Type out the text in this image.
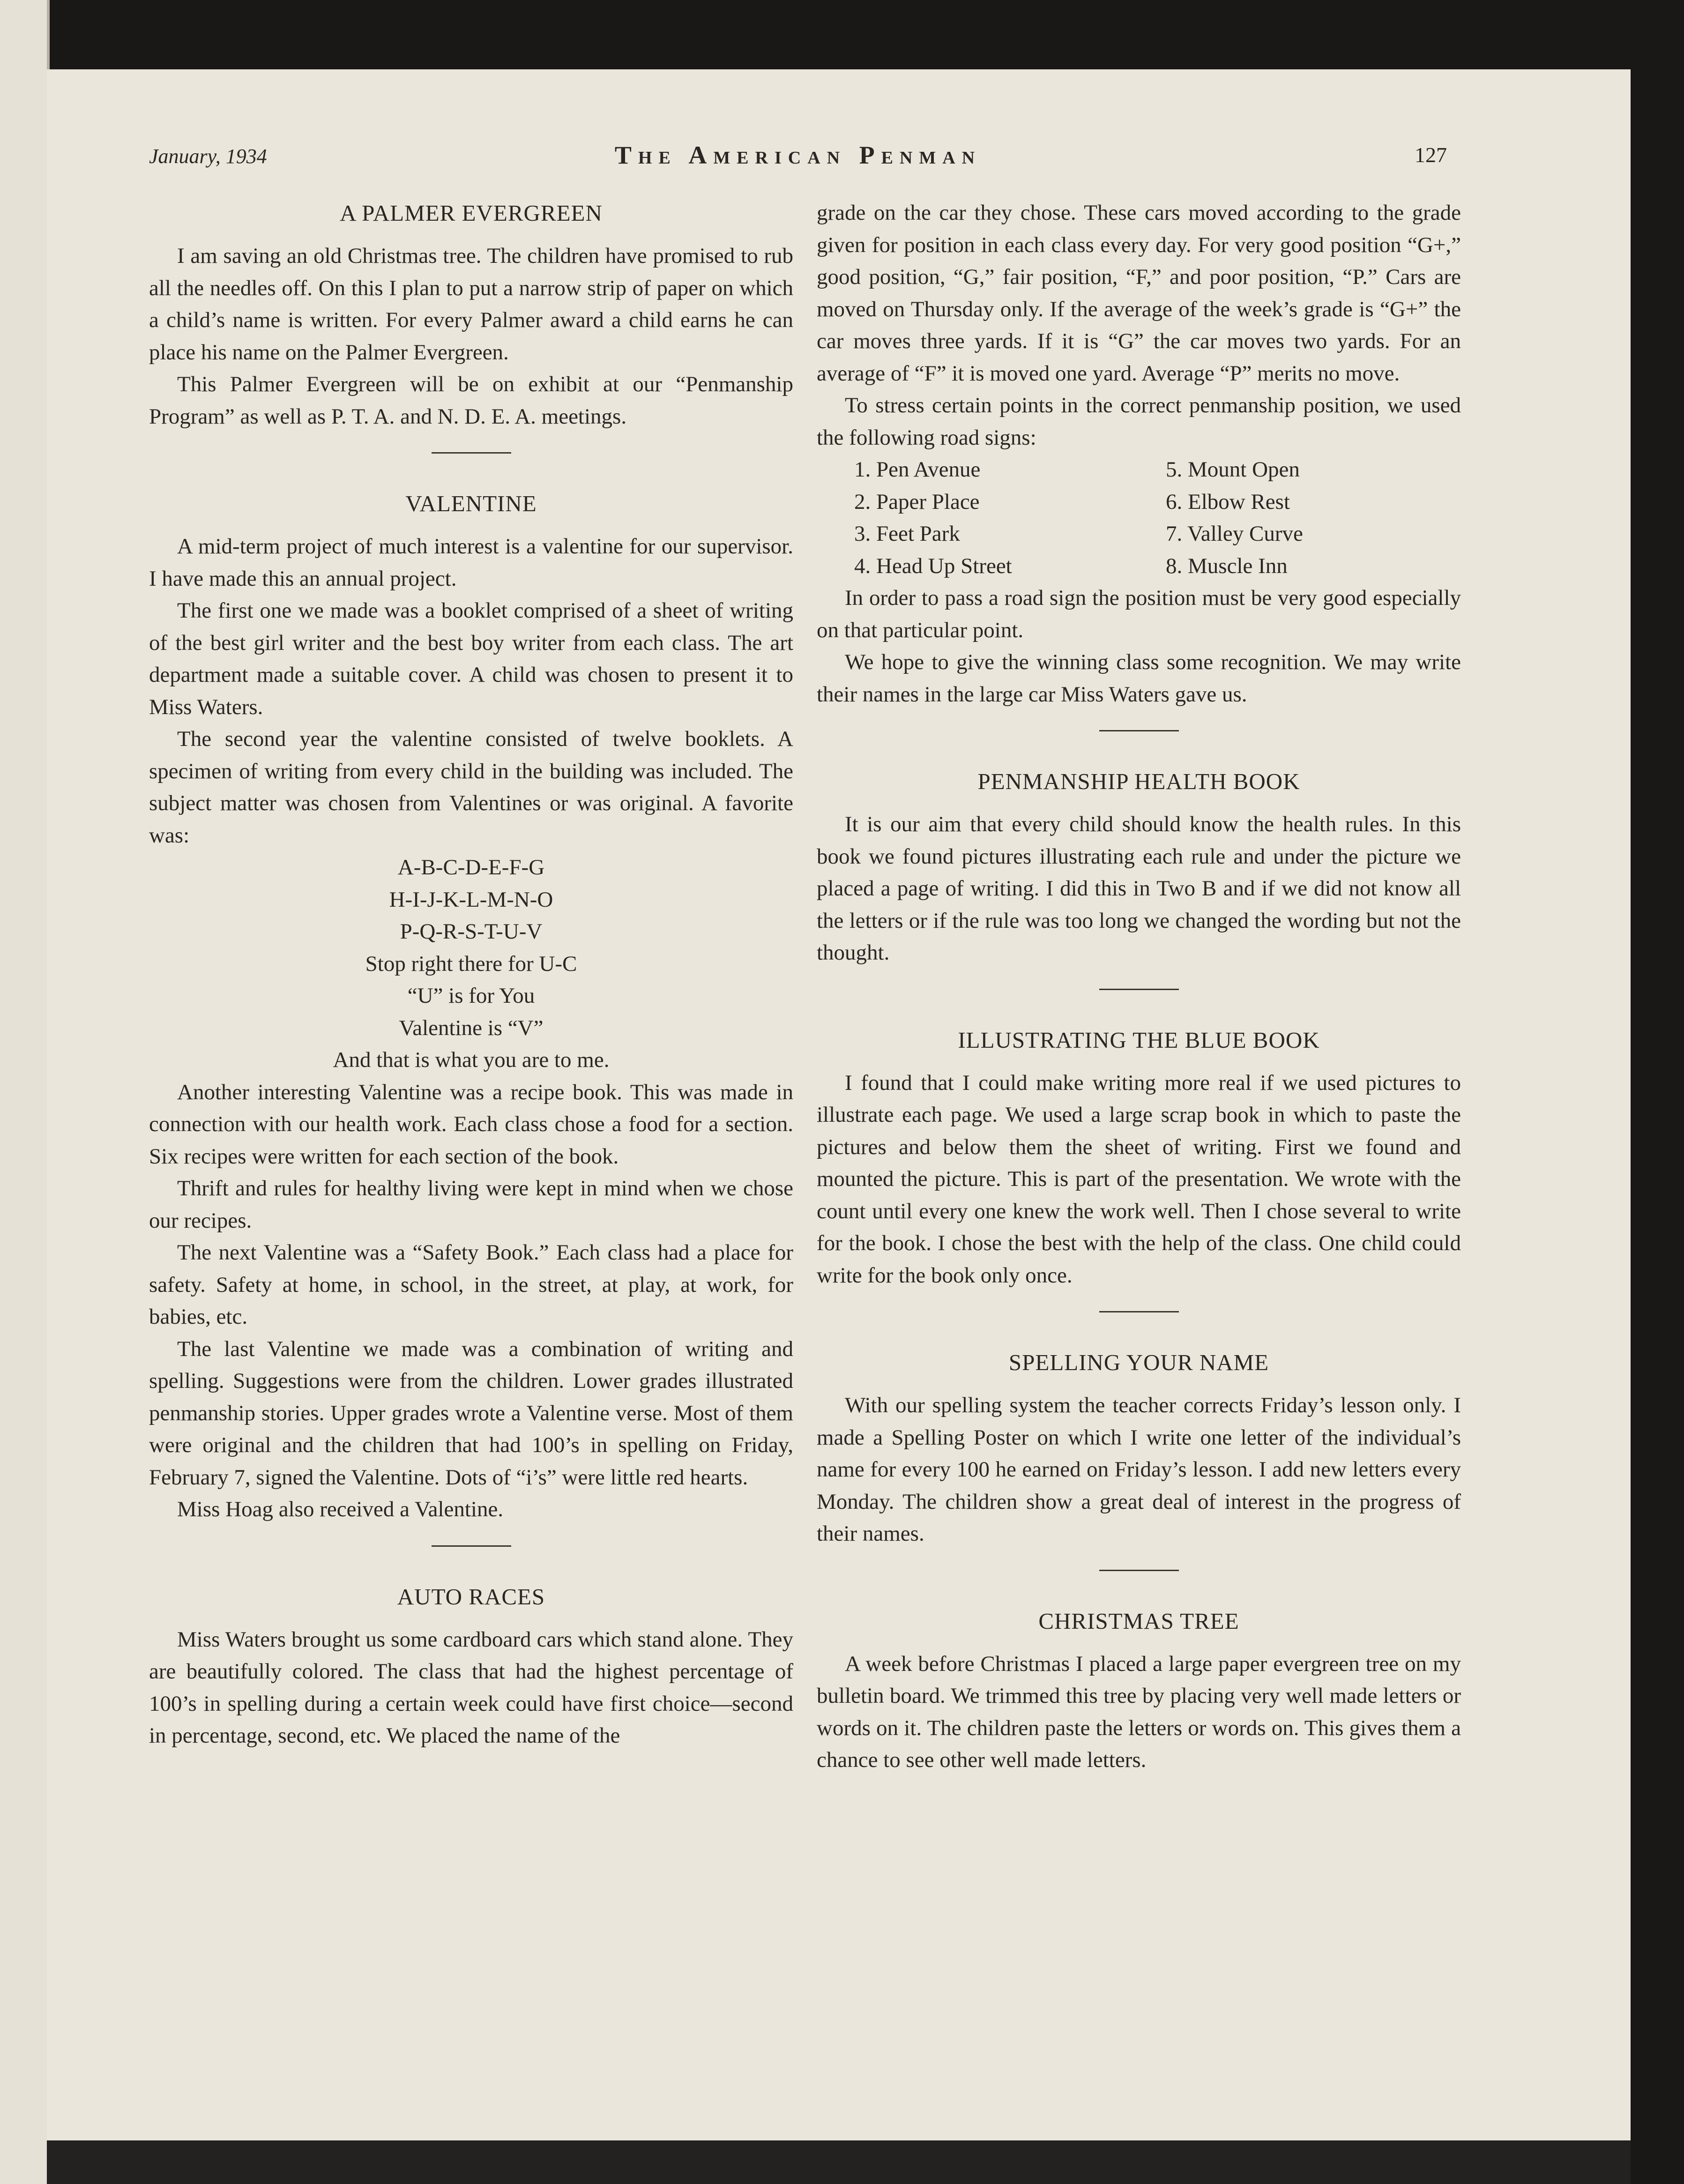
January, 1934	The American Penman	127
A PALMER EVERGREEN

I am saving an old Christmas tree. The children have promised to rub all the needles off. On this I plan to put a narrow strip of paper on which a child’s name is written. For every Palmer award a child earns he can place his name on the Palmer Evergreen.

This Palmer Evergreen will be on exhibit at our “Penmanship Program” as well as P. T. A. and N. D. E. A. meetings.

VALENTINE

A mid-term project of much interest is a valentine for our supervisor. I have made this an annual project.

The first one we made was a booklet comprised of a sheet of writing of the best girl writer and the best boy writer from each class. The art department made a suitable cover. A child was chosen to present it to Miss Waters.

The second year the valentine consisted of twelve booklets. A specimen of writing from every child in the building was included. The subject matter was chosen from Valentines or was original. A favorite was:

A-B-C-D-E-F-G
H-I-J-K-L-M-N-O
P-Q-R-S-T-U-V
Stop right there for U-C
“U” is for You
Valentine is “V”
And that is what you are to me.

Another interesting Valentine was a recipe book. This was made in connection with our health work. Each class chose a food for a section. Six recipes were written for each section of the book.

Thrift and rules for healthy living were kept in mind when we chose our recipes.

The next Valentine was a “Safety Book.” Each class had a place for safety. Safety at home, in school, in the street, at play, at work, for babies, etc.

The last Valentine we made was a combination of writing and spelling. Suggestions were from the children. Lower grades illustrated penmanship stories. Upper grades wrote a Valentine verse. Most of them were original and the children that had 100’s in spelling on Friday, February 7, signed the Valentine. Dots of “i’s” were little red hearts.

Miss Hoag also received a Valentine.

AUTO RACES

Miss Waters brought us some cardboard cars which stand alone. They are beautifully colored. The class that had the highest percentage of 100’s in spelling during a certain week could have first choice—second in percentage, second, etc. We placed the name of the

grade on the car they chose. These cars moved according to the grade given for position in each class every day. For very good position “G+,” good position, “G,” fair position, “F,” and poor position, “P.” Cars are moved on Thursday only. If the average of the week’s grade is “G+” the car moves three yards. If it is “G” the car moves two yards. For an average of “F” it is moved one yard. Average “P” merits no move.

To stress certain points in the correct penmanship position, we used the following road signs:

1. Pen Avenue	5. Mount Open
2. Paper Place	6. Elbow Rest
3. Feet Park	7. Valley Curve
4. Head Up Street	8. Muscle Inn

In order to pass a road sign the position must be very good especially on that particular point.

We hope to give the winning class some recognition. We may write their names in the large car Miss Waters gave us.

PENMANSHIP HEALTH BOOK

It is our aim that every child should know the health rules. In this book we found pictures illustrating each rule and under the picture we placed a page of writing. I did this in Two B and if we did not know all the letters or if the rule was too long we changed the wording but not the thought.

ILLUSTRATING THE BLUE BOOK

I found that I could make writing more real if we used pictures to illustrate each page. We used a large scrap book in which to paste the pictures and below them the sheet of writing. First we found and mounted the picture. This is part of the presentation. We wrote with the count until every one knew the work well. Then I chose several to write for the book. I chose the best with the help of the class. One child could write for the book only once.

SPELLING YOUR NAME

With our spelling system the teacher corrects Friday’s lesson only. I made a Spelling Poster on which I write one letter of the individual’s name for every 100 he earned on Friday’s lesson. I add new letters every Monday. The children show a great deal of interest in the progress of their names.

CHRISTMAS TREE

A week before Christmas I placed a large paper evergreen tree on my bulletin board. We trimmed this tree by placing very well made letters or words on it. The children paste the letters or words on. This gives them a chance to see other well made letters.
